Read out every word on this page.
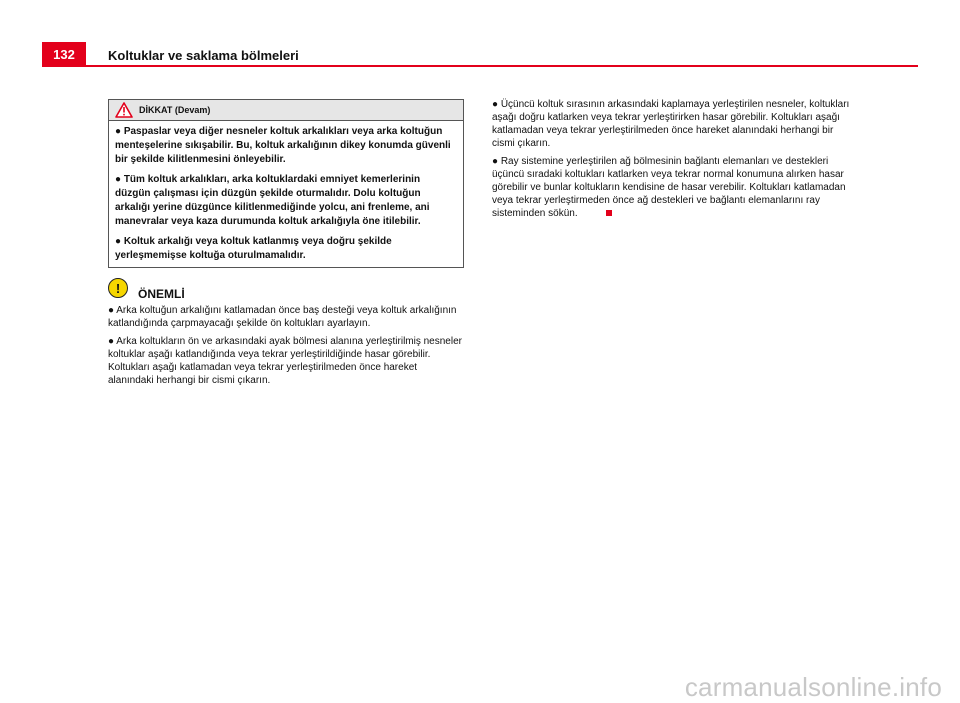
132	Koltuklar ve saklama bölmeleri
DİKKAT (Devam)

● Paspaslar veya diğer nesneler koltuk arkalıkları veya arka koltuğun menteşelerine sıkışabilir. Bu, koltuk arkalığının dikey konumda güvenli bir şekilde kilitlenmesini önleyebilir.

● Tüm koltuk arkalıkları, arka koltuklardaki emniyet kemerlerinin düzgün çalışması için düzgün şekilde oturmalıdır. Dolu koltuğun arkalığı yerine düzgünce kilitlenmediğinde yolcu, ani frenleme, ani manevralar veya kaza durumunda koltuk arkalığıyla öne itilebilir.

● Koltuk arkalığı veya koltuk katlanmış veya doğru şekilde yerleşmemişse koltuğa oturulmamalıdır.

!	ÖNEMLİ

● Arka koltuğun arkalığını katlamadan önce baş desteği veya koltuk arkalığının katlandığında çarpmayacağı şekilde ön koltukları ayarlayın.

● Arka koltukların ön ve arkasındaki ayak bölmesi alanına yerleştirilmiş nesneler koltuklar aşağı katlandığında veya tekrar yerleştirildiğinde hasar görebilir. Koltukları aşağı katlamadan veya tekrar yerleştirilmeden önce hareket alanındaki herhangi bir cismi çıkarın.

● Üçüncü koltuk sırasının arkasındaki kaplamaya yerleştirilen nesneler, koltukları aşağı doğru katlarken veya tekrar yerleştirirken hasar görebilir. Koltukları aşağı katlamadan veya tekrar yerleştirilmeden önce hareket alanındaki herhangi bir cismi çıkarın.

● Ray sistemine yerleştirilen ağ bölmesinin bağlantı elemanları ve destekleri üçüncü sıradaki koltukları katlarken veya tekrar normal konumuna alırken hasar görebilir ve bunlar koltukların kendisine de hasar verebilir. Koltukları katlamadan veya tekrar yerleştirmeden önce ağ destekleri ve bağlantı elemanlarını ray sisteminden sökün.

carmanualsonline.info
